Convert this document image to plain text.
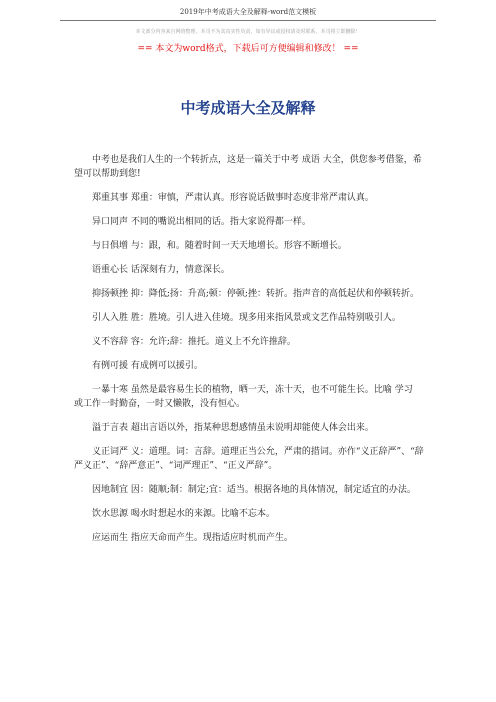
2019年中考成语大全及解释-word范文模板
本文部分内容来自网络整理，本司不为其真实性负责，如有异议或侵权请及时联系，本司将立即删除！
== 本文为word格式，下载后可方便编辑和修改！ ==
中考成语大全及解释

中考也是我们人生的一个转折点，这是一篇关于中考 成语 大全，供您参考借鉴，希望可以帮助到您!

郑重其事 郑重：审慎，严肃认真。形容说话做事时态度非常严肃认真。

异口同声 不同的嘴说出相同的话。指大家说得都一样。

与日俱增 与：跟，和。随着时间一天天地增长。形容不断增长。

语重心长 话深刻有力，情意深长。

抑扬顿挫 抑：降低;扬：升高;顿：停顿;挫：转折。指声音的高低起伏和停顿转折。

引人入胜 胜：胜境。引人进入佳境。现多用来指风景或文艺作品特别吸引人。

义不容辞 容：允许;辞：推托。道义上不允许推辞。

有例可援 有成例可以援引。

一暴十寒 虽然是最容易生长的植物，晒一天，冻十天，也不可能生长。比喻 学习 或工作一时勤奋，一时又懒散，没有恒心。

溢于言表 超出言语以外，指某种思想感情虽未说明却能使人体会出来。

义正词严 义：道理。词：言辞。道理正当公允，严肃的措词。亦作“义正辞严”、“辞严义正”、“辞严意正”、“词严理正”、“正义严辞”。

因地制宜 因：随顺;制：制定;宜：适当。根据各地的具体情况，制定适宜的办法。

饮水思源 喝水时想起水的来源。比喻不忘本。

应运而生 指应天命而产生。现指适应时机而产生。
